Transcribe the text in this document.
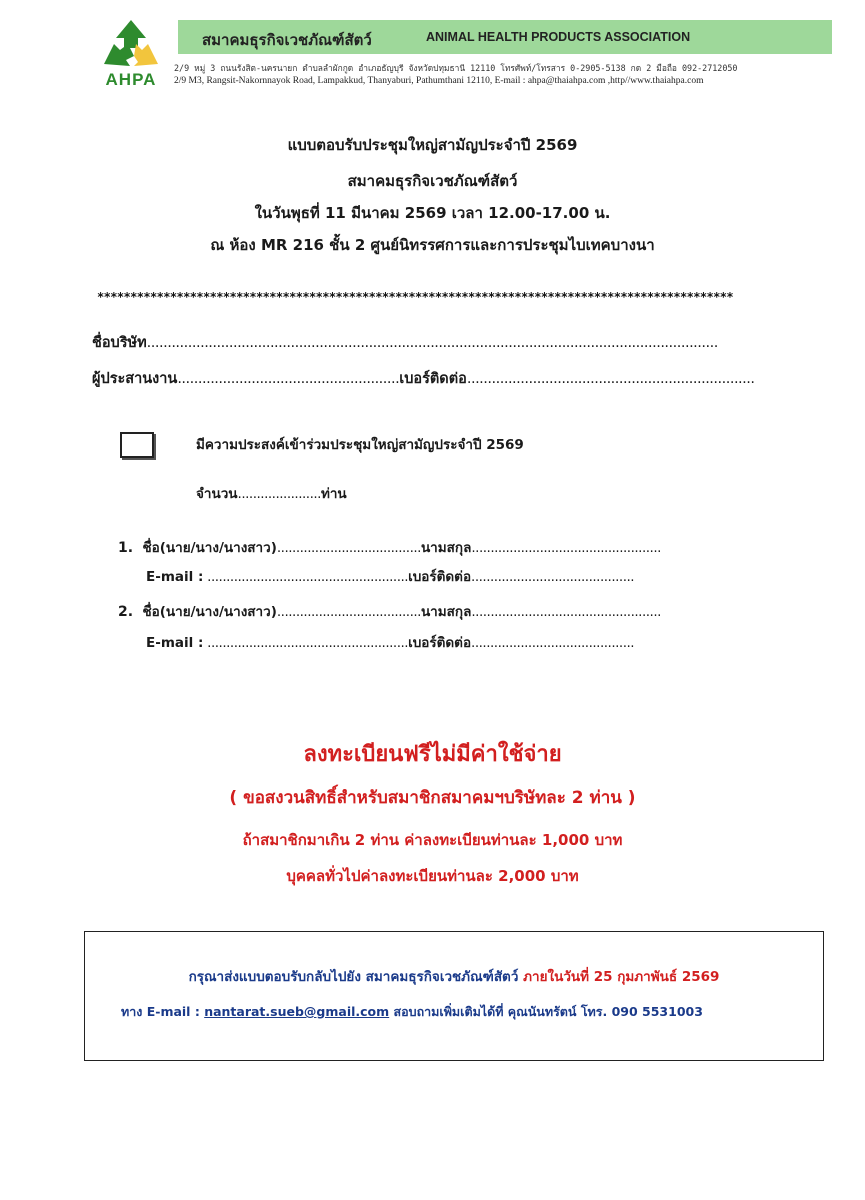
AHPA
สมาคมธุรกิจเวชภัณฑ์สัตว์	ANIMAL HEALTH PRODUCTS ASSOCIATION
2/9 หมู่ 3 ถนนรังสิต-นครนายก ตำบลลำผักกูด อำเภอธัญบุรี จังหวัดปทุมธานี 12110 โทรศัพท์/โทรสาร 0-2905-5138 กด 2 มือถือ 092-2712050
2/9 M3, Rangsit-Nakornnayok Road, Lampakkud, Thanyaburi, Pathumthani 12110, E-mail : ahpa@thaiahpa.com ,http//www.thaiahpa.com
แบบตอบรับประชุมใหญ่สามัญประจำปี 2569
สมาคมธุรกิจเวชภัณฑ์สัตว์
ในวันพุธที่ 11 มีนาคม 2569 เวลา 12.00-17.00 น.
ณ ห้อง MR 216 ชั้น 2 ศูนย์นิทรรศการและการประชุมไบเทคบางนา
************************************************************************************************
ชื่อบริษัท...........................................................................................................................................
ผู้ประสานงาน......................................................เบอร์ติดต่อ......................................................................
มีความประสงค์เข้าร่วมประชุมใหญ่สามัญประจำปี 2569
จำนวน......................ท่าน
1. ชื่อ(นาย/นาง/นางสาว)......................................นามสกุล..................................................
E-mail : .....................................................เบอร์ติดต่อ...........................................
2. ชื่อ(นาย/นาง/นางสาว)......................................นามสกุล..................................................
E-mail : .....................................................เบอร์ติดต่อ...........................................
ลงทะเบียนฟรีไม่มีค่าใช้จ่าย
( ขอสงวนสิทธิ์สำหรับสมาชิกสมาคมฯบริษัทละ 2 ท่าน )
ถ้าสมาชิกมาเกิน 2 ท่าน ค่าลงทะเบียนท่านละ 1,000 บาท
บุคคลทั่วไปค่าลงทะเบียนท่านละ 2,000 บาท
กรุณาส่งแบบตอบรับกลับไปยัง สมาคมธุรกิจเวชภัณฑ์สัตว์ ภายในวันที่ 25 กุมภาพันธ์ 2569
ทาง E-mail : nantarat.sueb@gmail.com สอบถามเพิ่มเติมได้ที่ คุณนันทรัตน์ โทร. 090 5531003
